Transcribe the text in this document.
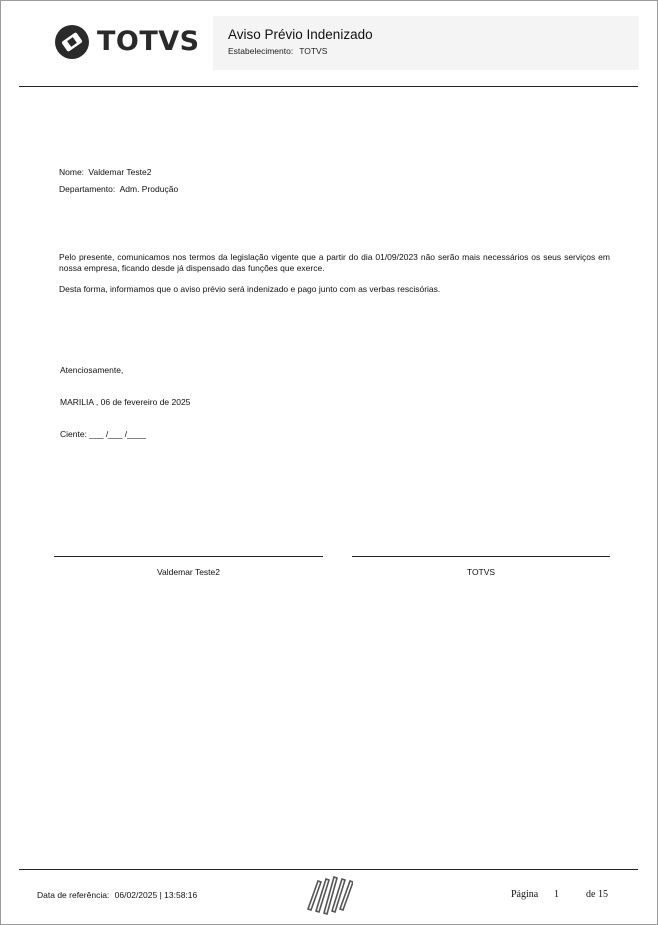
TOTVS Aviso Prévio Indenizado
Estabelecimento: TOTVS
Nome: Valdemar Teste2
Departamento: Adm. Produção
Pelo presente, comunicamos nos termos da legislação vigente que a partir do dia 01/09/2023 não serão mais necessários os seus serviços em nossa empresa, ficando desde já dispensado das funções que exerce.
Desta forma, informamos que o aviso prévio será indenizado e pago junto com as verbas rescisórias.
Atenciosamente,
MARILIA , 06 de fevereiro de 2025
Ciente: ___ /___ /____
Valdemar Teste2	TOTVS
Data de referência: 06/02/2025 | 13:58:16	Página 1	de 15
